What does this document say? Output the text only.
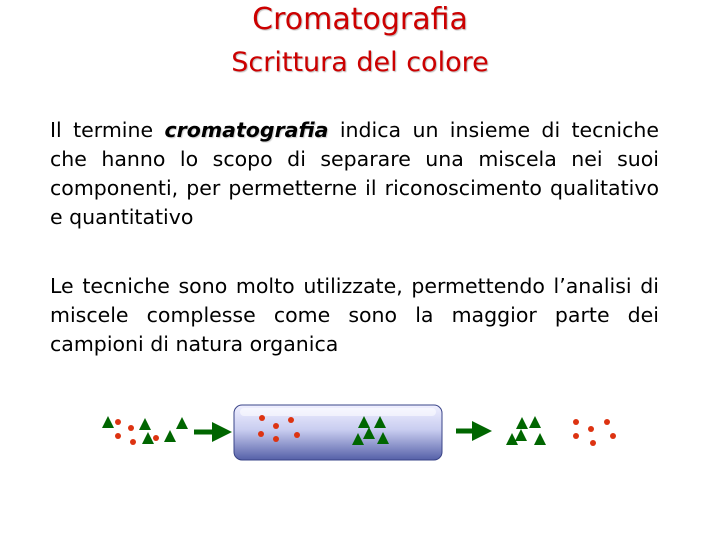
Cromatografia
Scrittura del colore

Il termine cromatografia indica un insieme di tecniche che hanno lo scopo di separare una miscela nei suoi componenti, per permetterne il riconoscimento qualitativo e quantitativo

Le tecniche sono molto utilizzate, permettendo l’analisi di miscele complesse come sono la maggior parte dei campioni di natura organica
